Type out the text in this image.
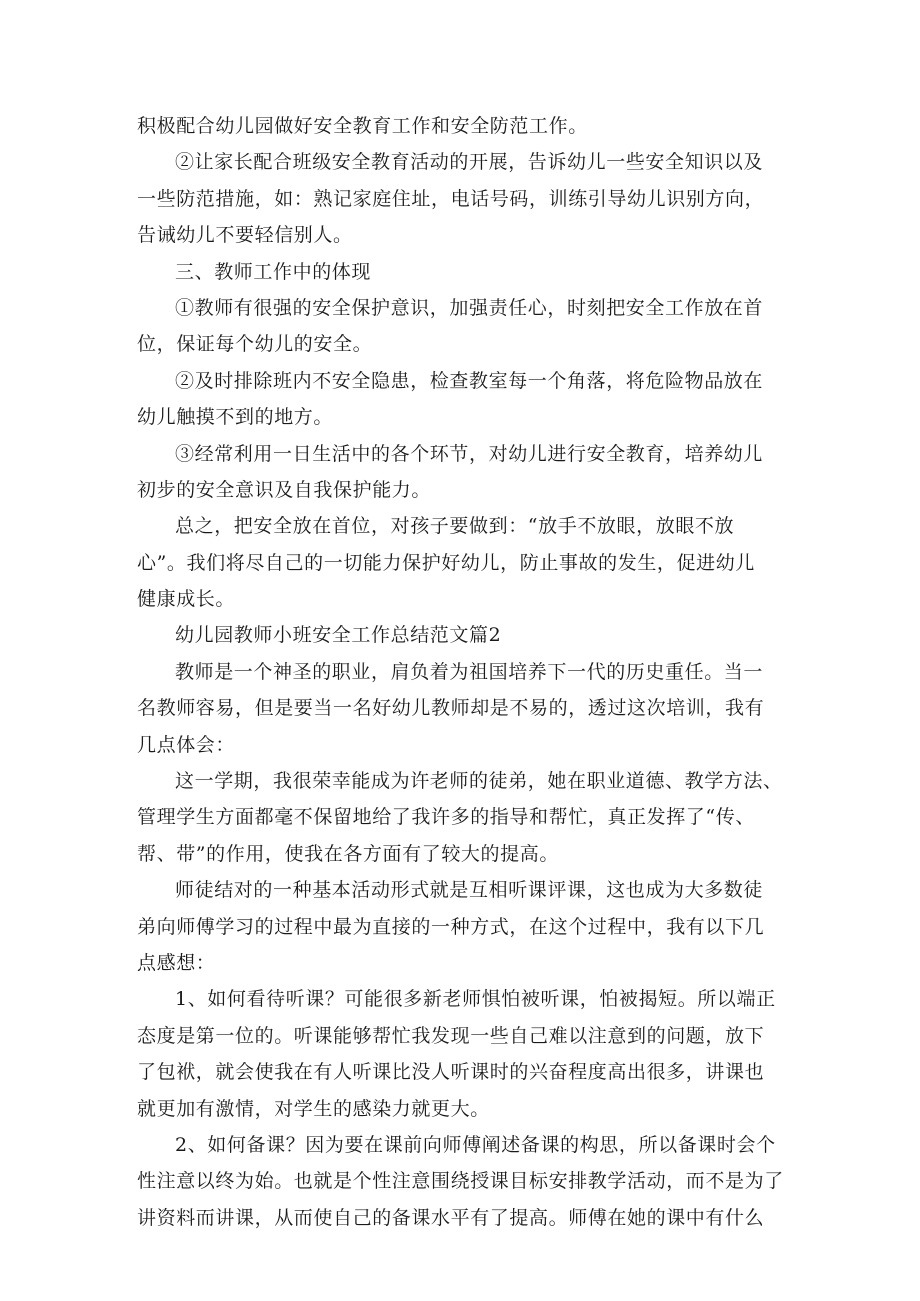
积极配合幼儿园做好安全教育工作和安全防范工作。
②让家长配合班级安全教育活动的开展，告诉幼儿一些安全知识以及
一些防范措施，如：熟记家庭住址，电话号码，训练引导幼儿识别方向，
告诫幼儿不要轻信别人。
三、教师工作中的体现
①教师有很强的安全保护意识，加强责任心，时刻把安全工作放在首
位，保证每个幼儿的安全。
②及时排除班内不安全隐患，检查教室每一个角落，将危险物品放在
幼儿触摸不到的地方。
③经常利用一日生活中的各个环节，对幼儿进行安全教育，培养幼儿
初步的安全意识及自我保护能力。
总之，把安全放在首位，对孩子要做到：“放手不放眼，放眼不放
心”。我们将尽自己的一切能力保护好幼儿，防止事故的发生，促进幼儿
健康成长。
幼儿园教师小班安全工作总结范文篇2
教师是一个神圣的职业，肩负着为祖国培养下一代的历史重任。当一
名教师容易，但是要当一名好幼儿教师却是不易的，透过这次培训，我有
几点体会：
这一学期，我很荣幸能成为许老师的徒弟，她在职业道德、教学方法、
管理学生方面都毫不保留地给了我许多的指导和帮忙，真正发挥了“传、
帮、带”的作用，使我在各方面有了较大的提高。
师徒结对的一种基本活动形式就是互相听课评课，这也成为大多数徒
弟向师傅学习的过程中最为直接的一种方式，在这个过程中，我有以下几
点感想：
1、如何看待听课？可能很多新老师惧怕被听课，怕被揭短。所以端正
态度是第一位的。听课能够帮忙我发现一些自己难以注意到的问题，放下
了包袱，就会使我在有人听课比没人听课时的兴奋程度高出很多，讲课也
就更加有激情，对学生的感染力就更大。
2、如何备课？因为要在课前向师傅阐述备课的构思，所以备课时会个
性注意以终为始。也就是个性注意围绕授课目标安排教学活动，而不是为了
讲资料而讲课，从而使自己的备课水平有了提高。师傅在她的课中有什么
